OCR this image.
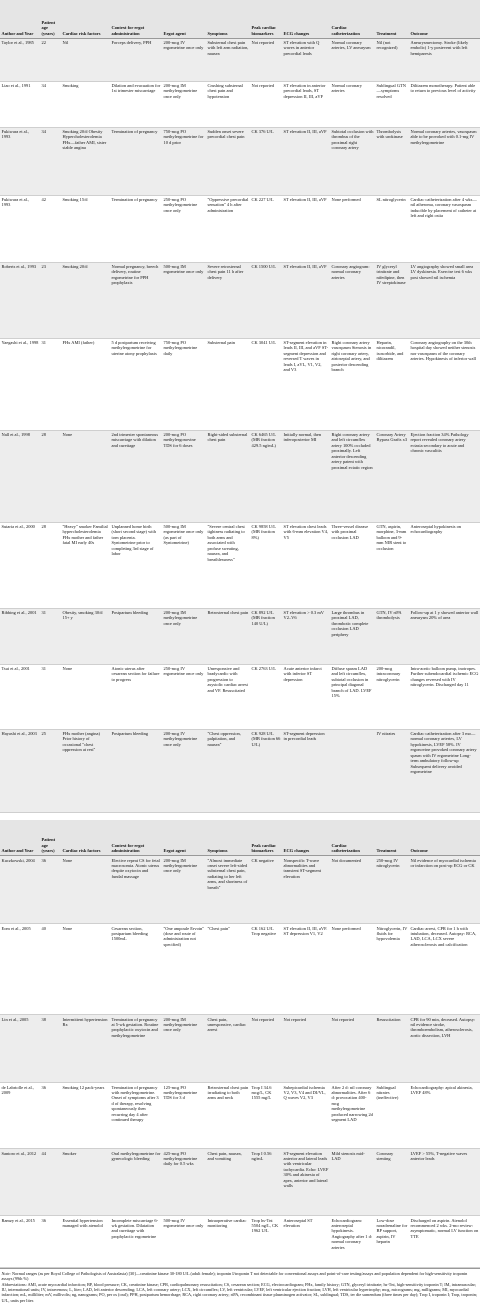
Author and Year	Patient age (years)	Cardiac risk factors	Context for ergot administration	Ergot agent	Symptoms	Peak cardiac biomarkers	ECG changes	Cardiac catheterization	Treatment	Outcome
Taylor et al., 1985	22	Nil	Forceps delivery, PPH	200-mcg IV ergometrine once only	Substernal chest pain with left arm radiation, nausea	Not reported	ST elevation with Q waves in anterior precordial leads	Normal coronary arteries, LV aneurysm	Nil (not recognized)	Aneurysmectomy. Stroke (likely embolic) 1-y postevent with left hemiparesis
Liao et al., 1991	34	Smoking	Dilation and evacuation for 1st trimester miscarriage	200-mcg IM methylergometrine once only	Crushing substernal chest pain and hypotension	Not reported	ST elevation in anterior precordial leads, ST depression II, III, aVF	Normal coronary arteries	Sublingual GTN—symptoms resolved	Diltiazem monotherapy. Patient able to return to previous level of activity
Fukiwara et al., 1993	34	Smoking 20/d Obesity Hypercholesterolemia FHx—father AMI, sister stable angina	Termination of pregnancy	750-mcg PO methylergometrine for 10 d prior	Sudden onset severe precordial chest pain	CK 376 U/L	ST elevation II, III, aVF	Subtotal occlusion with thrombus of the proximal right coronary artery	Thrombolysis with urokinase	Normal coronary arteries, vasospasm able to be provoked with 0.1-mg IV methylergometrine
Fukiwara et al., 1993	42	Smoking 15/d	Termination of pregnancy	250-mcg PO methylergometrine once only	"Oppressive precordial sensation" 4 h after administration	CK 227 U/L	ST elevation II, III, aVF	None performed	SL nitroglycerin	Cardiac catheterization after 4 wks—nil atheroma, coronary vasospasm inducible by placement of catheter at left and right ostia
Roberts et al., 1993	23	Smoking 20/d	Normal pregnancy, breech delivery, routine ergometrine for PPH prophylaxis	500-mcg IM ergometrine once only	Severe retrosternal chest pain 11 h after delivery	CK 1500 U/L	ST elevation II, III, aVF	Coronary angiogram: normal coronary arteries	IV glyceryl trinitrate and nifedipine, then IV streptokinase	LV angiography showed small area LV dyskinesia. Exercise test 6 wks post showed nil ischemia
Yaegashi et al., 1998	31	FHx AMI (father)	5 d postpartum receiving methylergometrine for uterine atony prophylaxis	750-mcg PO methylergometrine daily	Substernal pain	CK 3041 U/L	ST-segment elevation in leads II, III, and aVF ST-segment depression and reversed T waves in leads I, aVL, V1, V2, and V3	Right coronary artery vasospasm Stenosis in right coronary artery, atrioseptal artery, and posterior descending branch	Heparin, nicorandil, isosorbide, and diltiazem	Coronary angiography on the 30th hospital day showed neither stenosis nor vasospasm of the coronary arteries. Hypokinesis of inferior wall
Nall et al., 1998	28	None	2nd trimester spontaneous miscarriage with dilation and curettage	200-mcg PO methylergonovine TDS for 6 doses	Right-sided substernal chest pain	CK 6465 U/L (MB fraction 429.5 ng/mL)	Initially normal, then inferoposterior MI	Right coronary artery and left circumflex artery 100% occluded proximally. Left anterior descending artery patent with proximal ectatic region	Coronary Artery Bypass Grafts x3	Ejection fraction 34% Pathology report revealed coronary artery ectasia secondary to acute and chronic vasculitis
Sutaria et al., 2000	28	"Heavy" smoker Familial hypercholesterolemia FHx mother and father fatal MI early 40s	Unplanned home birth (short second stage) with torn placenta. Syntometrine prior to completing 3rd stage of labor	500-mcg IM ergometrine once only (as part of Syntometrine)	"Severe central chest tightness radiating to both arms and associated with profuse sweating, nausea, and breathlessness"	CK 9858 U/L (MB fraction 8%)	ST elevation chest leads with 6-mm elevation V4, V5	Three-vessel disease with proximal occlusion LAD	GTN, aspirin, morphine, 3-mm balloon and 9-mm NIR stent to occlusion	Anteroseptal hypokinesis on echocardiography
Ribbing et al., 2001	31	Obesity, smoking 30/d 15+ y	Postpartum bleeding	200-mcg IM methylergometrine once only	Retrosternal chest pain	CK 892 U/L (MB fraction 140 U/L)	ST elevation > 0.3 mV V2–V6	Large thrombus in proximal LAD, thrombotic complete occlusion LAD periphery	GTN, IV rtPA thrombolysis	Follow-up at 1 y showed anterior wall aneurysm 20% of area
Tsui et al., 2001	31	None	Atonic uterus after cesarean section for failure to progress	250-mcg IV ergometrine once only	Unresponsive and bradycardic with progression to asystolic cardiac arrest and VF. Resuscitated	CK 2763 U/L	Acute anterior infarct with inferior ST depression	Diffuse spasm LAD and left circumflex, subtotal occlusion in principal diagonal branch of LAD. LVEF 15%	200-mcg intracoronary nitroglycerin	Intra-aortic balloon pump, inotropes. Further subendocardial ischemic ECG changes reversed with IV nitroglycerin. Discharged day 11
Hayashi et al., 2003	25	FHx mother (angina) Prior history of occasional "chest oppression at rest"	Postpartum bleeding	200-mcg IV methylergometrine once only	"Chest oppression, palpitation, and nausea"	CK 928 U/L (MB fraction 66 U/L)	ST-segment depression in precordial leads		IV nitrates	Cardiac catheterization after 3 mo—normal coronary arteries, LV hypokinesis, LVEF 58%. IV ergonovine provoked coronary artery spasm with IV ergometrine Long-term ambulatory follow-up Subsequent delivery avoided ergometrine
Author and Year	Patient age (years)	Cardiac risk factors	Context for ergot administration	Ergot agent	Symptoms	Peak cardiac biomarkers	ECG changes	Cardiac catheterization	Treatment	Outcome
Kuczkowski, 2004	36	None	Elective repeat CS for fetal macrosomia. Atonic uterus despite oxytocin and fundal massage	200-mcg IM methylergometrine once only	"Almost immediate onset severe left-sided substernal chest pain, radiating to her left arms, and shortness of breath"	CK negative	Nonspecific T-wave abnormalities and transient ST-segment elevation	Not documented	250-mcg IV nitroglycerin	Nil evidence of myocardial ischemia or infarction on post-op ECG or CK
Eom et al., 2005	40	None	Cesarean section, postpartum bleeding 1500mL	"One ampoule Ervoin" (dose and route of administration not specified)	"Chest pain"	CK 162 U/L Trop negative	ST elevation II, III, aVF. ST depression V1, V2	None performed	Nitroglycerin, IV fluids for hypovolemia	Cardiac arrest, CPR for 1 h with intubation, deceased. Autopsy: RCA, LAD, LCA, LCX severe atherosclerosis and calcification
Lin et al., 2005	38	Intermittent hypertension Rx	Termination of pregnancy at 5-wk gestation. Routine prophylactic oxytocin and methylergometrine	200-mcg IM methylergometrine once only	Chest pain, unresponsive, cardiac arrest	Not reported	Not reported	Not reported	Resuscitation	CPR for 90 min, deceased. Autopsy: nil evidence stroke, thromboembolism, atherosclerosis, aortic dissection, LVH
de Labriolle et al., 2009	36	Smoking 12 pack-years	Termination of pregnancy with methylergometrine. Onset of symptoms after 3 d of therapy, resolving spontaneously then recurring day 4 after continued therapy	125-mcg PO methylergometrine TDS for 3 d	Retrosternal chest pain irradiating to both arms and neck	Trop I 34.6 mcg/L, CK 1555 mg/L	Subepicardial ischemia V2, V3, V4 and DI/VL, Q waves V2, V3	After 2 d: nil coronary abnormalities. After 6 d: provocation 400-mcg methylergometrine produced narrowing 2d segment LAD	Sublingual nitrates (ineffective)	Echocardiography: apical akinesia, LVEF 48%
Santoro et al., 2012	44	Smoker	Oral methylergometrine for gynecologic bleeding	425-mcg PO methylergometrine daily for 0.5 wks	Chest pain, nausea, and vomiting	Trop I 0.56 ng/mL	ST-segment elevation anterior and lateral leads with ventricular tachycardia. Echo: LVEF 30% and akinesia of apex, anterior and lateral walls	Mild stenosis mid-LAD	Coronary stenting	LVEF > 55%, T-negative waves anterior leads
Ramzy et al., 2015	36	Essential hypertension managed with atenolol	Incomplete miscarriage 6-wk gestation. Dilatation and curettage with prophylactic ergometrine	500-mcg IV ergometrine once only	Intraoperative cardiac monitoring	Trop hs-Tnt 5504 ng/L, CK 1962 U/L	Anteroseptal ST elevation	Echocardiogram: anteroseptal hypokinesis. Angiography after 1 d: normal coronary arteries	Low-dose noradrenaline for BP support, aspirin, IV heparin	Discharged on aspirin. Atenolol recommenced 2 wks. 2-mo review: asymptomatic, normal LV function on TTE
Note: Normal ranges (as per Royal College of Pathologists of Australasia) [30]—creatinine kinase 30-180 U/L (adult female); troponin I/troponin T not detectable for conventional assays and point-of-care testing/assays and population dependent for high-sensitivity troponin assays (99th %)
Abbreviations: AMI, acute myocardial infarction; BP, blood pressure; CK, creatinine kinase; CPR, cardiopulmonary resuscitation; CS, cesarean section; ECG, electrocardiogram; FHx, family history; GTN, glyceryl trinitrate; hs-Tnt, high-sensitivity troponin T; IM, intramuscular; IU, international units; IV, intravenous; L, liter; LAD, left anterior descending; LCA, left coronary artery; LCX, left circumflex; LV, left ventricular; LVEF, left ventricular ejection fraction; LVH, left ventricular hypertrophy; mcg, micrograms; mg, milligrams; MI, myocardial infarction; mL, milliliter; mV, millivolts; ng, nanograms; PO, per os (oral); PPH, postpartum hemorrhage; RCA, right coronary artery; rtPA, recombinant tissue plasminogen activator; SL, sublingual; TDS, ter die sumendum (three times per day); Trop I, troponin I; Trop, troponin; U/L, units per liter.
